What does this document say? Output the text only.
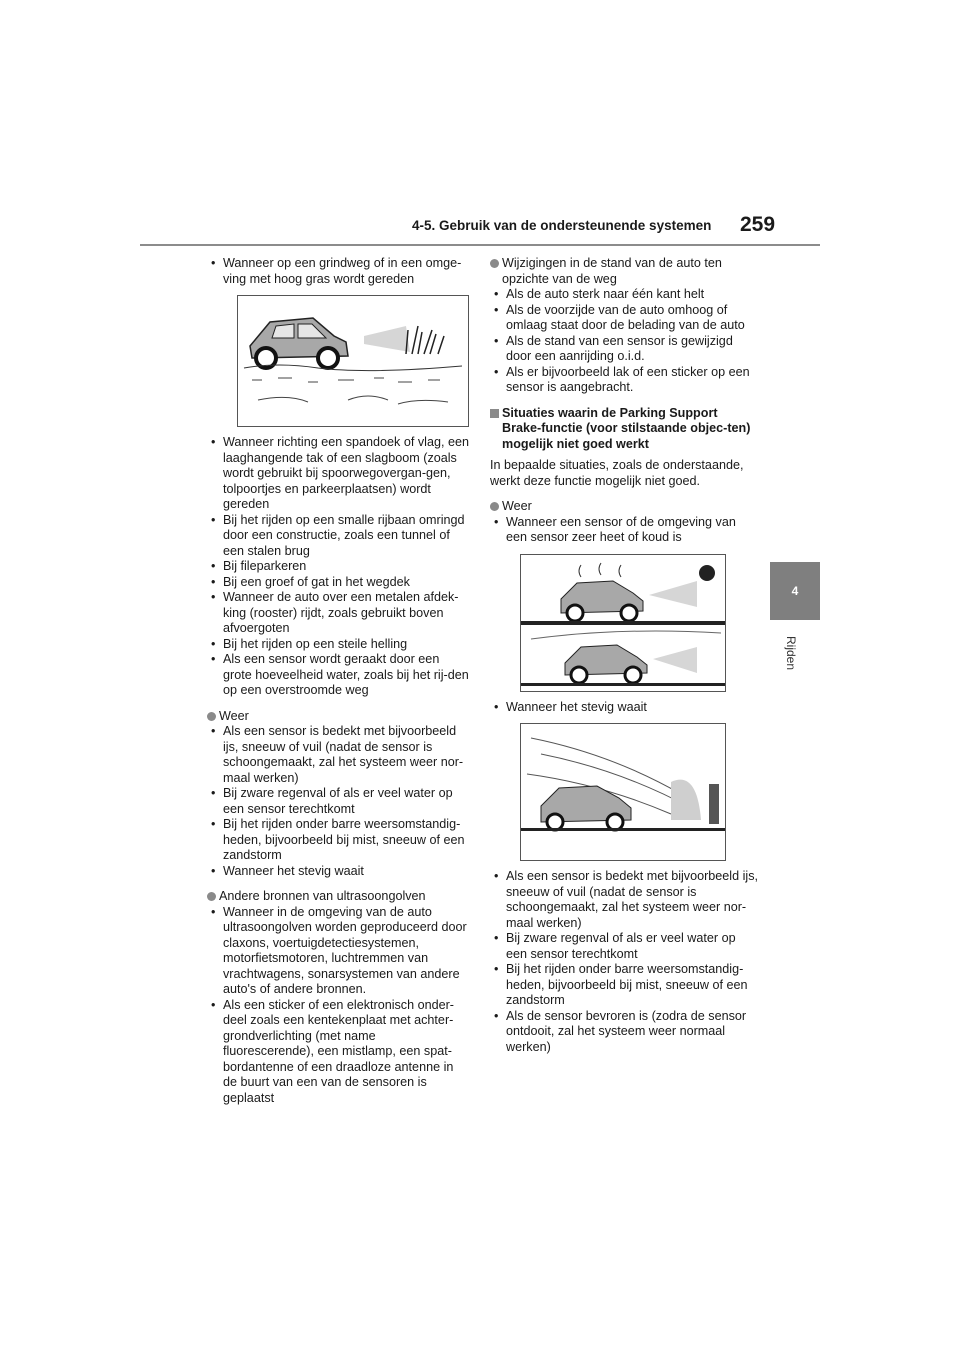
4-5. Gebruik van de ondersteunende systemen 259
4
Rijden
• Wanneer op een grindweg of in een omge-ving met hoog gras wordt gereden
• Wanneer richting een spandoek of vlag, een laaghangende tak of een slagboom (zoals wordt gebruikt bij spoorwegovergan-gen, tolpoortjes en parkeerplaatsen) wordt gereden
• Bij het rijden op een smalle rijbaan omringd door een constructie, zoals een tunnel of een stalen brug
• Bij fileparkeren
• Bij een groef of gat in het wegdek
• Wanneer de auto over een metalen afdek-king (rooster) rijdt, zoals gebruikt boven afvoergoten
• Bij het rijden op een steile helling
• Als een sensor wordt geraakt door een grote hoeveelheid water, zoals bij het rij-den op een overstroomde weg
Weer
• Als een sensor is bedekt met bijvoorbeeld ijs, sneeuw of vuil (nadat de sensor is schoongemaakt, zal het systeem weer nor-maal werken)
• Bij zware regenval of als er veel water op een sensor terechtkomt
• Bij het rijden onder barre weersomstandig-heden, bijvoorbeeld bij mist, sneeuw of een zandstorm
• Wanneer het stevig waait
Andere bronnen van ultrasoongolven
• Wanneer in de omgeving van de auto ultrasoongolven worden geproduceerd door claxons, voertuigdetectiesystemen, motorfietsmotoren, luchtremmen van vrachtwagens, sonarsystemen van andere auto's of andere bronnen.
• Als een sticker of een elektronisch onder-deel zoals een kentekenplaat met achter-grondverlichting (met name fluorescerende), een mistlamp, een spat-bordantenne of een draadloze antenne in de buurt van een van de sensoren is geplaatst
Wijzigingen in de stand van de auto ten opzichte van de weg
• Als de auto sterk naar één kant helt
• Als de voorzijde van de auto omhoog of omlaag staat door de belading van de auto
• Als de stand van een sensor is gewijzigd door een aanrijding o.i.d.
• Als er bijvoorbeeld lak of een sticker op een sensor is aangebracht.
Situaties waarin de Parking Support Brake-functie (voor stilstaande objec-ten) mogelijk niet goed werkt
In bepaalde situaties, zoals de onderstaande, werkt deze functie mogelijk niet goed.
Weer
• Wanneer een sensor of de omgeving van een sensor zeer heet of koud is
• Wanneer het stevig waait
• Als een sensor is bedekt met bijvoorbeeld ijs, sneeuw of vuil (nadat de sensor is schoongemaakt, zal het systeem weer nor-maal werken)
• Bij zware regenval of als er veel water op een sensor terechtkomt
• Bij het rijden onder barre weersomstandig-heden, bijvoorbeeld bij mist, sneeuw of een zandstorm
• Als de sensor bevroren is (zodra de sensor ontdooit, zal het systeem weer normaal werken)
